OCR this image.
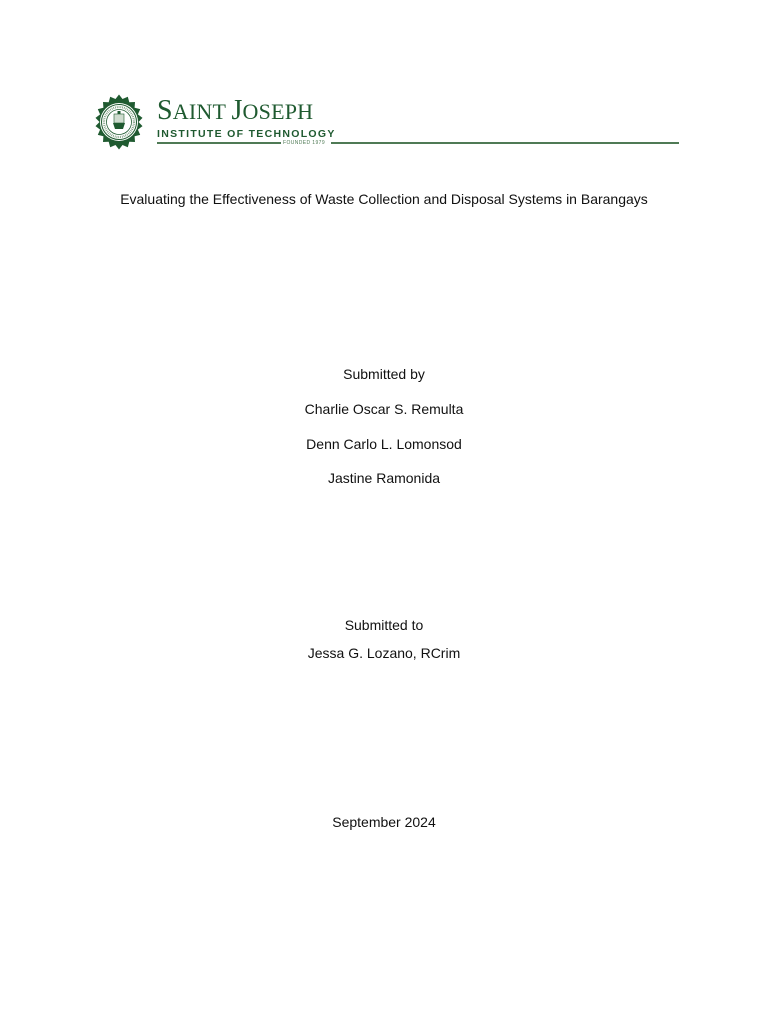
SAINT JOSEPH
INSTITUTE OF TECHNOLOGY
FOUNDED 1979
Evaluating the Effectiveness of Waste Collection and Disposal Systems in Barangays
Submitted by
Charlie Oscar S. Remulta
Denn Carlo L. Lomonsod
Jastine Ramonida
Submitted to
Jessa G. Lozano, RCrim
September 2024
